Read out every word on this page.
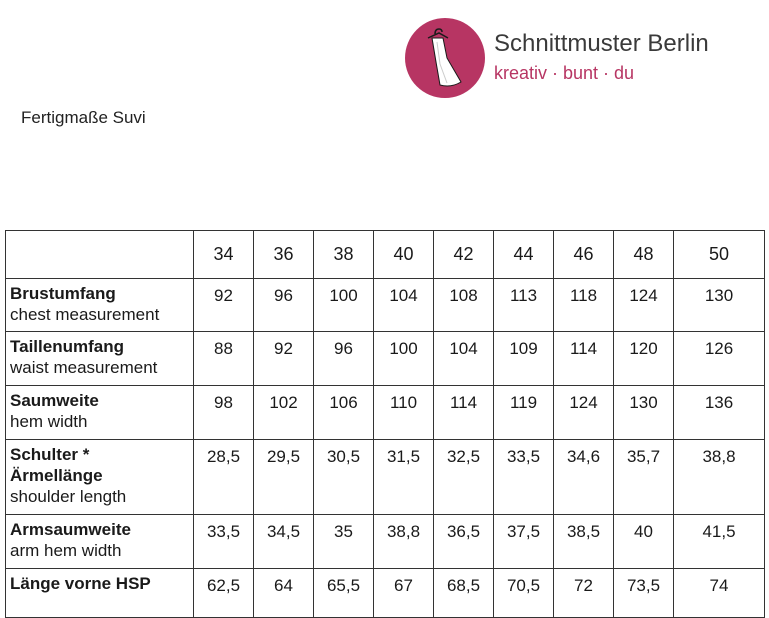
Schnittmuster Berlin
kreativ · bunt · du
Fertigmaße Suvi
	34	36	38	40	42	44	46	48	50

Brustumfang
chest measurement	92	96	100	104	108	113	118	124	130

Taillenumfang
waist measurement	88	92	96	100	104	109	114	120	126

Saumweite
hem width	98	102	106	110	114	119	124	130	136

Schulter *
Ärmellänge
shoulder length	28,5	29,5	30,5	31,5	32,5	33,5	34,6	35,7	38,8

Armsaumweite
arm hem width	33,5	34,5	35	38,8	36,5	37,5	38,5	40	41,5

Länge vorne HSP	62,5	64	65,5	67	68,5	70,5	72	73,5	74
